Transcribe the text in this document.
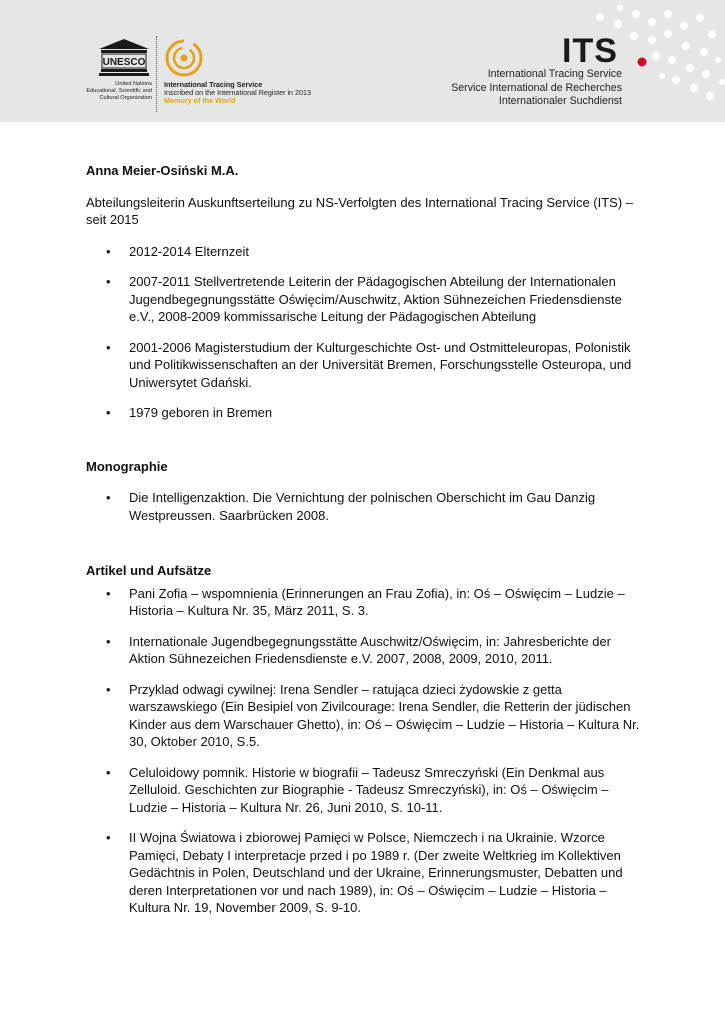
UNESCO
United Nations
Educational, Scientific and
Cultural Organization
International Tracing Service
Inscribed on the International Register in 2013
Memory of the World
ITS
International Tracing Service
Service International de Recherches
Internationaler Suchdienst

Anna Meier-Osiński M.A.

Abteilungsleiterin Auskunftserteilung zu NS-Verfolgten des International Tracing Service (ITS) – seit 2015

• 2012-2014 Elternzeit
• 2007-2011 Stellvertretende Leiterin der Pädagogischen Abteilung der Internationalen Jugendbegegnungsstätte Oświęcim/Auschwitz, Aktion Sühnezeichen Friedensdienste e.V., 2008-2009 kommissarische Leitung der Pädagogischen Abteilung
• 2001-2006 Magisterstudium der Kulturgeschichte Ost- und Ostmitteleuropas, Polonistik und Politikwissenschaften an der Universität Bremen, Forschungsstelle Osteuropa, und Uniwersytet Gdański.
• 1979 geboren in Bremen
Monographie
• Die Intelligenzaktion. Die Vernichtung der polnischen Oberschicht im Gau Danzig Westpreussen. Saarbrücken 2008.
Artikel und Aufsätze
• Pani Zofia – wspomnienia (Erinnerungen an Frau Zofia), in: Oś – Oświęcim – Ludzie – Historia – Kultura Nr. 35, März 2011, S. 3.
• Internationale Jugendbegegnungsstätte Auschwitz/Oświęcim, in: Jahresberichte der Aktion Sühnezeichen Friedensdienste e.V. 2007, 2008, 2009, 2010, 2011.
• Przyklad odwagi cywilnej: Irena Sendler – ratująca dzieci żydowskie z getta warszawskiego (Ein Besipiel von Zivilcourage: Irena Sendler, die Retterin der jüdischen Kinder aus dem Warschauer Ghetto), in: Oś – Oświęcim – Ludzie – Historia – Kultura Nr. 30, Oktober 2010, S.5.
• Celuloidowy pomnik. Historie w biografii – Tadeusz Smreczyński (Ein Denkmal aus Zelluloid. Geschichten zur Biographie - Tadeusz Smreczyński), in: Oś – Oświęcim – Ludzie – Historia – Kultura Nr. 26, Juni 2010, S. 10-11.
• II Wojna Światowa i zbiorowej Pamięci w Polsce, Niemczech i na Ukrainie. Wzorce Pamięci, Debaty I interpretacje przed i po 1989 r. (Der zweite Weltkrieg im Kollektiven Gedächtnis in Polen, Deutschland und der Ukraine, Erinnerungsmuster, Debatten und deren Interpretationen vor und nach 1989), in: Oś – Oświęcim – Ludzie – Historia – Kultura Nr. 19, November 2009, S. 9-10.
